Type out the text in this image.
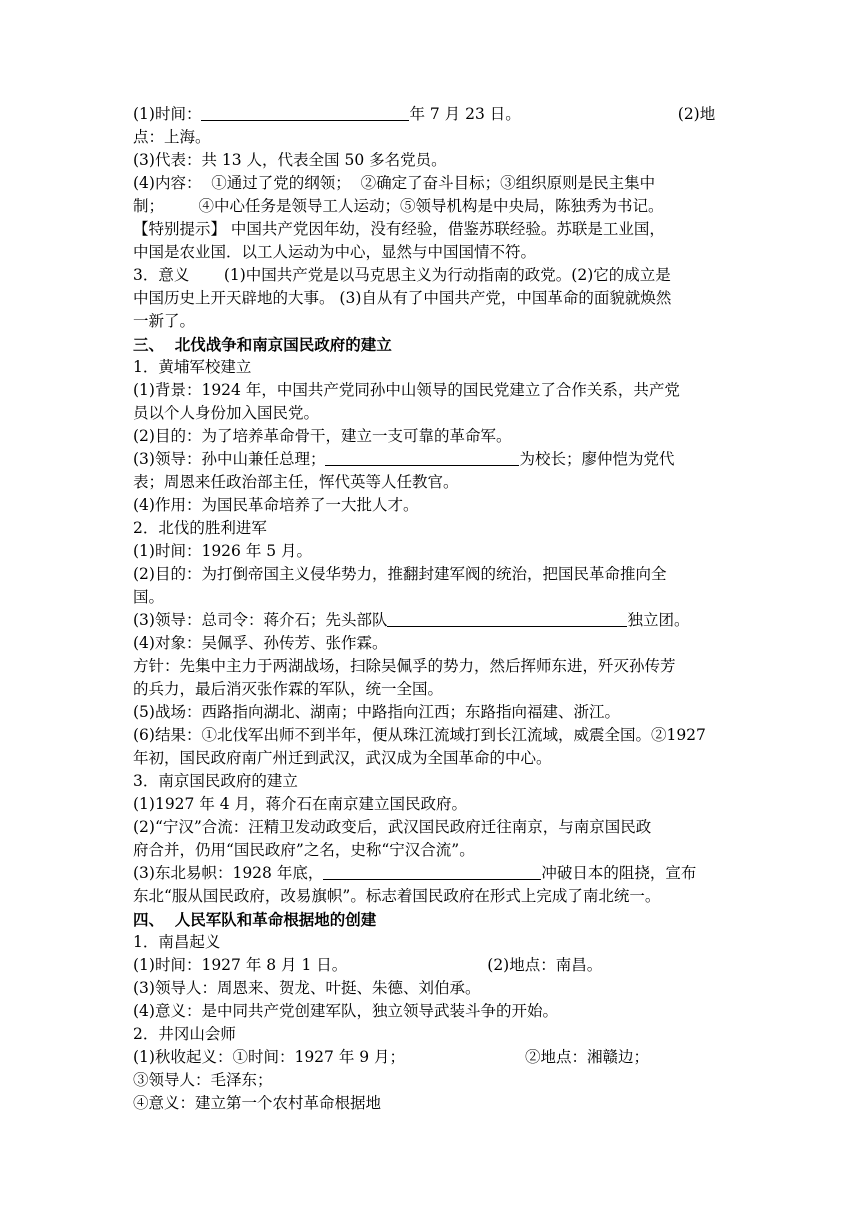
(1)时间：	年 7 月 23 日。	(2)地
点：上海。
(3)代表：共 13 人，代表全国 50 多名党员。
(4)内容：  ①通过了党的纲领；  ②确定了奋斗目标；③组织原则是民主集中
制；       ④中心任务是领导工人运动；⑤领导机构是中央局，陈独秀为书记。
【特别提示】 中国共产党因年幼，没有经验，借鉴苏联经验。苏联是工业国，
中国是农业国．以工人运动为中心，显然与中国国情不符。
3．意义       (1)中国共产党是以马克思主义为行动指南的政党。(2)它的成立是
中国历史上开天辟地的大事。 (3)自从有了中国共产党，中国革命的面貌就焕然
一新了。
三、  北伐战争和南京国民政府的建立
1．黄埔军校建立
(1)背景：1924 年，中国共产党同孙中山领导的国民党建立了合作关系，共产党
员以个人身份加入国民党。
(2)目的：为了培养革命骨干，建立一支可靠的革命军。
(3)领导：孙中山兼任总理；	为校长；廖仲恺为党代
表；周恩来任政治部主任，恽代英等人任教官。
(4)作用：为国民革命培养了一大批人才。
2．北伐的胜利进军
(1)时间：1926 年 5 月。
(2)目的：为打倒帝国主义侵华势力，推翻封建军阀的统治，把国民革命推向全
国。
(3)领导：总司令：蒋介石；先头部队	独立团。
(4)对象：吴佩孚、孙传芳、张作霖。
方针：先集中主力于两湖战场，扫除吴佩孚的势力，然后挥师东进，歼灭孙传芳
的兵力，最后消灭张作霖的军队，统一全国。
(5)战场：西路指向湖北、湖南；中路指向江西；东路指向福建、浙江。
(6)结果：①北伐军出师不到半年，便从珠江流域打到长江流域，威震全国。②1927
年初，国民政府南广州迁到武汉，武汉成为全国革命的中心。
3．南京国民政府的建立
(1)1927 年 4 月，蒋介石在南京建立国民政府。
(2)“宁汉”合流：汪精卫发动政变后，武汉国民政府迁往南京，与南京国民政
府合并，仍用“国民政府”之名，史称“宁汉合流”。
(3)东北易帜：1928 年底，	冲破日本的阻挠，宣布
东北“服从国民政府，改易旗帜”。标志着国民政府在形式上完成了南北统一。
四、  人民军队和革命根据地的创建
1．南昌起义
(1)时间：1927 年 8 月 1 日。	(2)地点：南昌。
(3)领导人：周恩来、贺龙、叶挺、朱德、刘伯承。
(4)意义：是中同共产党创建军队，独立领导武装斗争的开始。
2．井冈山会师
(1)秋收起义：①时间：1927 年 9 月；	②地点：湘赣边；
③领导人：毛泽东；
④意义：建立第一个农村革命根据地
